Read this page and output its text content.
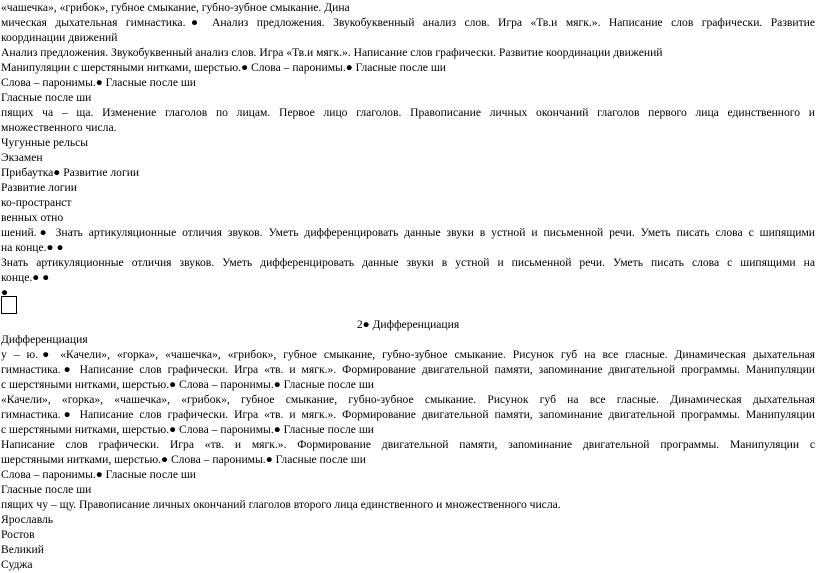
«чашечка», «грибок», губное смыкание, губно-зубное смыкание. Дина
мическая дыхательная гимнастика.● Анализ предложения. Звукобуквенный анализ слов. Игра «Тв.и мягк.». Написание слов графически. Развитие
координации движений
Анализ предложения. Звукобуквенный анализ слов. Игра «Тв.и мягк.». Написание слов графически. Развитие координации движений
Манипуляции с шерстяными нитками, шерстью.● Слова – паронимы.● Гласные после ши
Слова – паронимы.● Гласные после ши
Гласные после ши
пящих ча – ща. Изменение глаголов по лицам. Первое лицо глаголов. Правописание личных окончаний глаголов первого лица единственного и
множественного числа.
Чугунные рельсы
Экзамен
Прибаутка● Развитие логии
Развитие логии
ко-пространст
венных отно
шений.● Знать артикуляционные отличия звуков. Уметь дифференцировать данные звуки в устной и письменной речи. Уметь писать слова с шипящими
на конце.● ●
Знать артикуляционные отличия звуков. Уметь дифференцировать данные звуки в устной и письменной речи. Уметь писать слова с шипящими на
конце.● ●
●
2● Дифференциация
Дифференциация
у – ю.● «Качели», «горка», «чашечка», «грибок», губное смыкание, губно-зубное смыкание. Рисунок губ на все гласные. Динамическая дыхательная
гимнастика.● Написание слов графически. Игра «тв. и мягк.». Формирование двигательной памяти, запоминание двигательной программы. Манипуляции
с шерстяными нитками, шерстью.● Слова – паронимы.● Гласные после ши
«Качели», «горка», «чашечка», «грибок», губное смыкание, губно-зубное смыкание. Рисунок губ на все гласные. Динамическая дыхательная
гимнастика.● Написание слов графически. Игра «тв. и мягк.». Формирование двигательной памяти, запоминание двигательной программы. Манипуляции
с шерстяными нитками, шерстью.● Слова – паронимы.● Гласные после ши
Написание слов графически. Игра «тв. и мягк.». Формирование двигательной памяти, запоминание двигательной программы. Манипуляции с
шерстяными нитками, шерстью.● Слова – паронимы.● Гласные после ши
Слова – паронимы.● Гласные после ши
Гласные после ши
пящих чу – щу. Правописание личных окончаний глаголов второго лица единственного и множественного числа.
Ярославль
Ростов
Великий
Суджа
